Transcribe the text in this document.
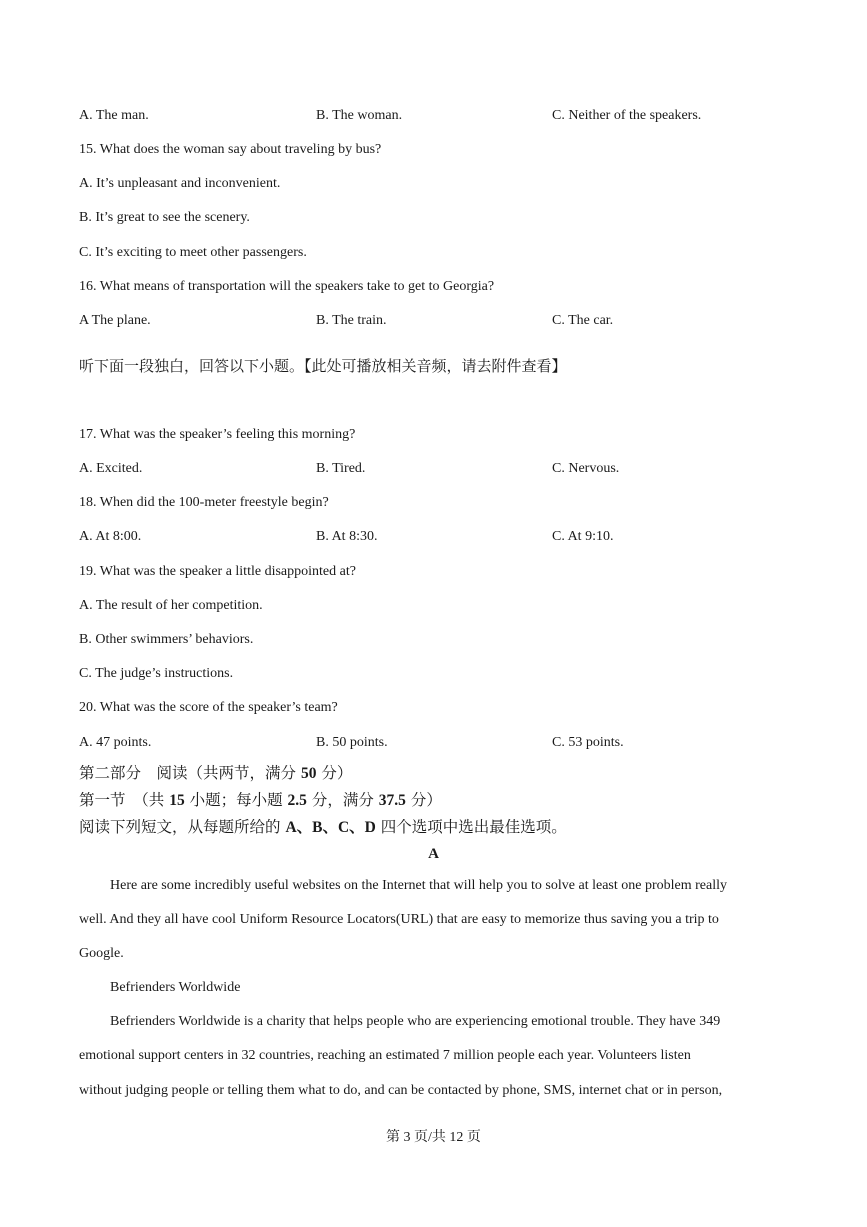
A. The man.	B. The woman.	C. Neither of the speakers.
15. What does the woman say about traveling by bus?
A. It’s unpleasant and inconvenient.
B. It’s great to see the scenery.
C. It’s exciting to meet other passengers.
16. What means of transportation will the speakers take to get to Georgia?
A The plane.	B. The train.	C. The car.
听下面一段独白，回答以下小题。【此处可播放相关音频，请去附件查看】
17. What was the speaker’s feeling this morning?
A. Excited.	B. Tired.	C. Nervous.
18. When did the 100-meter freestyle begin?
A. At 8:00.	B. At 8:30.	C. At 9:10.
19. What was the speaker a little disappointed at?
A. The result of her competition.
B. Other swimmers’ behaviors.
C. The judge’s instructions.
20. What was the score of the speaker’s team?
A. 47 points.	B. 50 points.	C. 53 points.
第二部分　阅读（共两节，满分 50 分）
第一节　（共 15 小题；每小题 2.5 分，满分 37.5 分）
阅读下列短文，从每题所给的 A、B、C、D 四个选项中选出最佳选项。
A
Here are some incredibly useful websites on the Internet that will help you to solve at least one problem really
well. And they all have cool Uniform Resource Locators(URL) that are easy to memorize thus saving you a trip to
Google.
Befrienders Worldwide
Befrienders Worldwide is a charity that helps people who are experiencing emotional trouble. They have 349
emotional support centers in 32 countries, reaching an estimated 7 million people each year. Volunteers listen
without judging people or telling them what to do, and can be contacted by phone, SMS, internet chat or in person,
第 3 页/共 12 页
